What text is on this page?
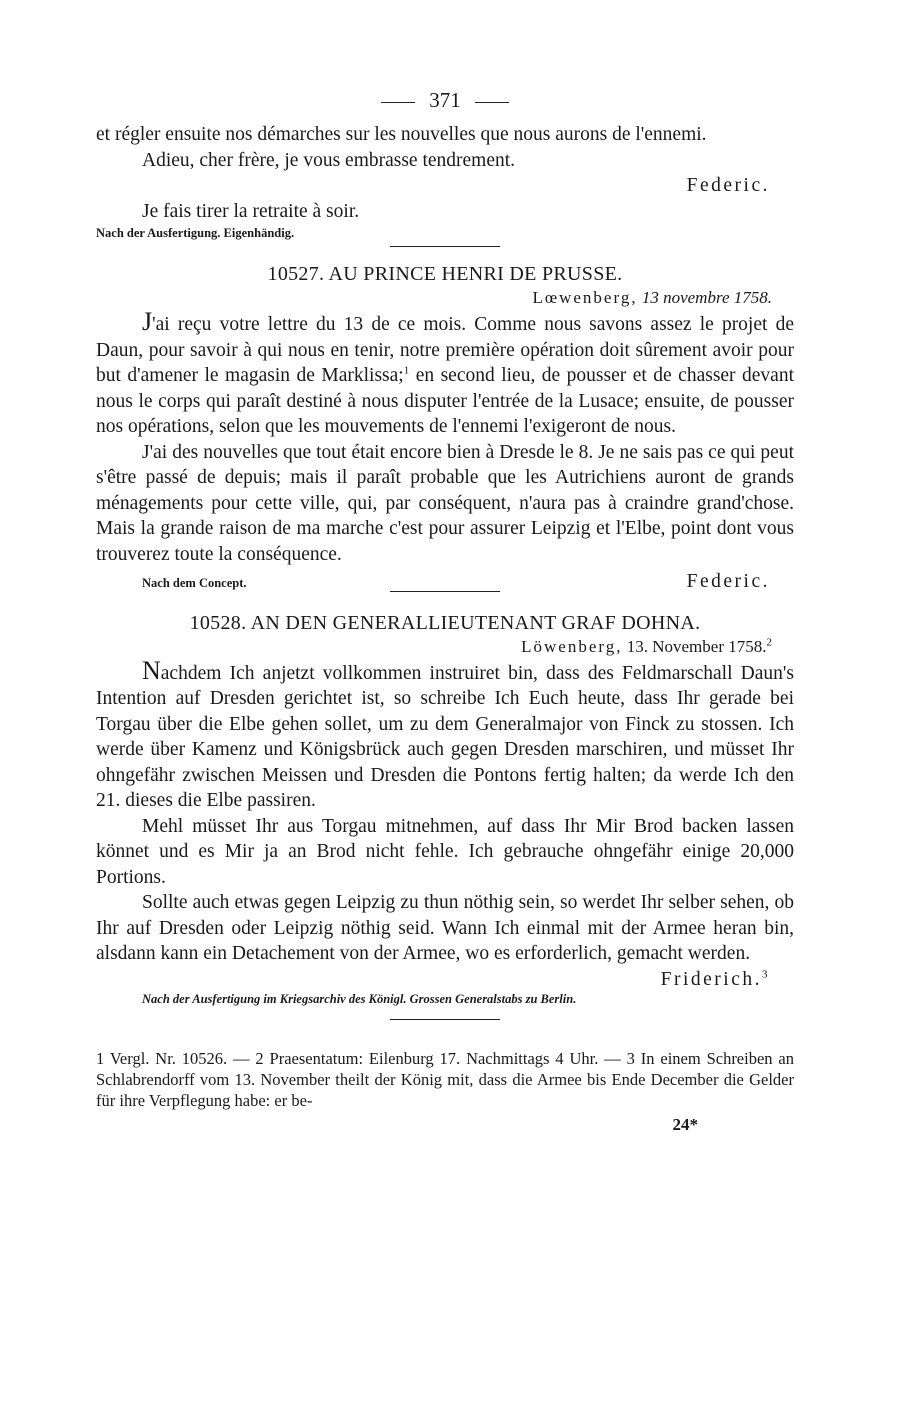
371

et régler ensuite nos démarches sur les nouvelles que nous aurons de l'ennemi.

Adieu, cher frère, je vous embrasse tendrement.

Federic.

Je fais tirer la retraite à soir.

Nach der Ausfertigung. Eigenhändig.
10527. AU PRINCE HENRI DE PRUSSE.
Lœwenberg, 13 novembre 1758.

J'ai reçu votre lettre du 13 de ce mois. Comme nous savons assez le projet de Daun, pour savoir à qui nous en tenir, notre première opération doit sûrement avoir pour but d'amener le magasin de Marklissa;$^1$ en second lieu, de pousser et de chasser devant nous le corps qui paraît destiné à nous disputer l'entrée de la Lusace; ensuite, de pousser nos opérations, selon que les mouvements de l'ennemi l'exigeront de nous.

J'ai des nouvelles que tout était encore bien à Dresde le 8. Je ne sais pas ce qui peut s'être passé de depuis; mais il paraît probable que les Autrichiens auront de grands ménagements pour cette ville, qui, par conséquent, n'aura pas à craindre grand'chose. Mais la grande raison de ma marche c'est pour assurer Leipzig et l'Elbe, point dont vous trouverez toute la conséquence.

Nach dem Concept.	Federic.
10528. AN DEN GENERALLIEUTENANT GRAF DOHNA.
Löwenberg, 13. November 1758.$^2$

Nachdem Ich anjetzt vollkommen instruiret bin, dass des Feldmarschall Daun's Intention auf Dresden gerichtet ist, so schreibe Ich Euch heute, dass Ihr gerade bei Torgau über die Elbe gehen sollet, um zu dem Generalmajor von Finck zu stossen. Ich werde über Kamenz und Königsbrück auch gegen Dresden marschiren, und müsset Ihr ohngefähr zwischen Meissen und Dresden die Pontons fertig halten; da werde Ich den 21. dieses die Elbe passiren.

Mehl müsset Ihr aus Torgau mitnehmen, auf dass Ihr Mir Brod backen lassen könnet und es Mir ja an Brod nicht fehle. Ich gebrauche ohngefähr einige 20,000 Portions.

Sollte auch etwas gegen Leipzig zu thun nöthig sein, so werdet Ihr selber sehen, ob Ihr auf Dresden oder Leipzig nöthig seid. Wann Ich einmal mit der Armee heran bin, alsdann kann ein Detachement von der Armee, wo es erforderlich, gemacht werden.

Friderich.$^3$
Nach der Ausfertigung im Kriegsarchiv des Königl. Grossen Generalstabs zu Berlin.
1 Vergl. Nr. 10526. — 2 Praesentatum: Eilenburg 17. Nachmittags 4 Uhr. — 3 In einem Schreiben an Schlabrendorff vom 13. November theilt der König mit, dass die Armee bis Ende December die Gelder für ihre Verpflegung habe: er be-
24*
